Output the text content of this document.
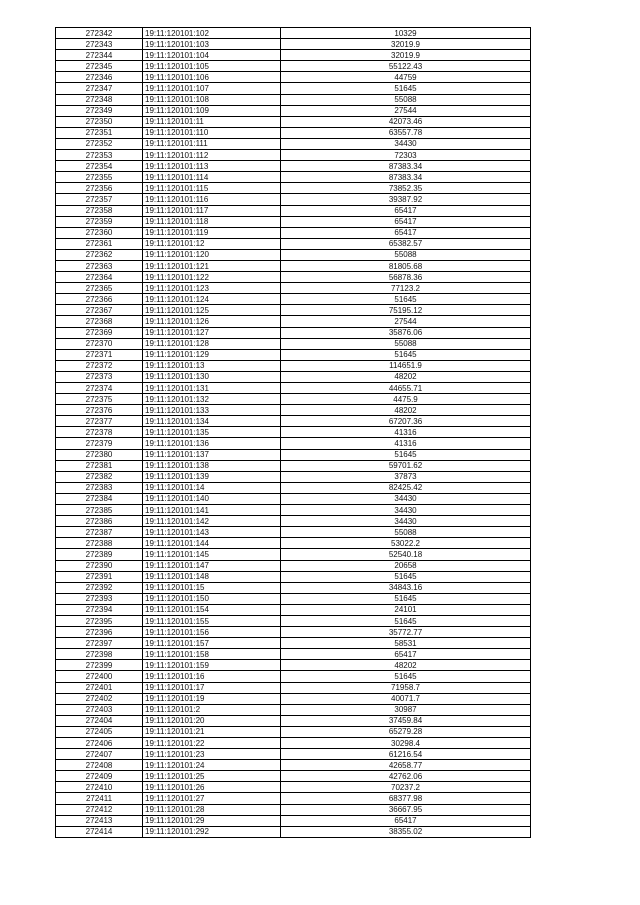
272342	19:11:120101:102	10329
272343	19:11:120101:103	32019.9
272344	19:11:120101:104	32019.9
272345	19:11:120101:105	55122.43
272346	19:11:120101:106	44759
272347	19:11:120101:107	51645
272348	19:11:120101:108	55088
272349	19:11:120101:109	27544
272350	19:11:120101:11	42073.46
272351	19:11:120101:110	63557.78
272352	19:11:120101:111	34430
272353	19:11:120101:112	72303
272354	19:11:120101:113	87383.34
272355	19:11:120101:114	87383.34
272356	19:11:120101:115	73852.35
272357	19:11:120101:116	39387.92
272358	19:11:120101:117	65417
272359	19:11:120101:118	65417
272360	19:11:120101:119	65417
272361	19:11:120101:12	65382.57
272362	19:11:120101:120	55088
272363	19:11:120101:121	81805.68
272364	19:11:120101:122	56878.36
272365	19:11:120101:123	77123.2
272366	19:11:120101:124	51645
272367	19:11:120101:125	75195.12
272368	19:11:120101:126	27544
272369	19:11:120101:127	35876.06
272370	19:11:120101:128	55088
272371	19:11:120101:129	51645
272372	19:11:120101:13	114651.9
272373	19:11:120101:130	48202
272374	19:11:120101:131	44655.71
272375	19:11:120101:132	4475.9
272376	19:11:120101:133	48202
272377	19:11:120101:134	67207.36
272378	19:11:120101:135	41316
272379	19:11:120101:136	41316
272380	19:11:120101:137	51645
272381	19:11:120101:138	59701.62
272382	19:11:120101:139	37873
272383	19:11:120101:14	82425.42
272384	19:11:120101:140	34430
272385	19:11:120101:141	34430
272386	19:11:120101:142	34430
272387	19:11:120101:143	55088
272388	19:11:120101:144	53022.2
272389	19:11:120101:145	52540.18
272390	19:11:120101:147	20658
272391	19:11:120101:148	51645
272392	19:11:120101:15	34843.16
272393	19:11:120101:150	51645
272394	19:11:120101:154	24101
272395	19:11:120101:155	51645
272396	19:11:120101:156	35772.77
272397	19:11:120101:157	58531
272398	19:11:120101:158	65417
272399	19:11:120101:159	48202
272400	19:11:120101:16	51645
272401	19:11:120101:17	71958.7
272402	19:11:120101:19	40071.7
272403	19:11:120101:2	30987
272404	19:11:120101:20	37459.84
272405	19:11:120101:21	65279.28
272406	19:11:120101:22	30298.4
272407	19:11:120101:23	61216.54
272408	19:11:120101:24	42658.77
272409	19:11:120101:25	42762.06
272410	19:11:120101:26	70237.2
272411	19:11:120101:27	68377.98
272412	19:11:120101:28	36667.95
272413	19:11:120101:29	65417
272414	19:11:120101:292	38355.02
